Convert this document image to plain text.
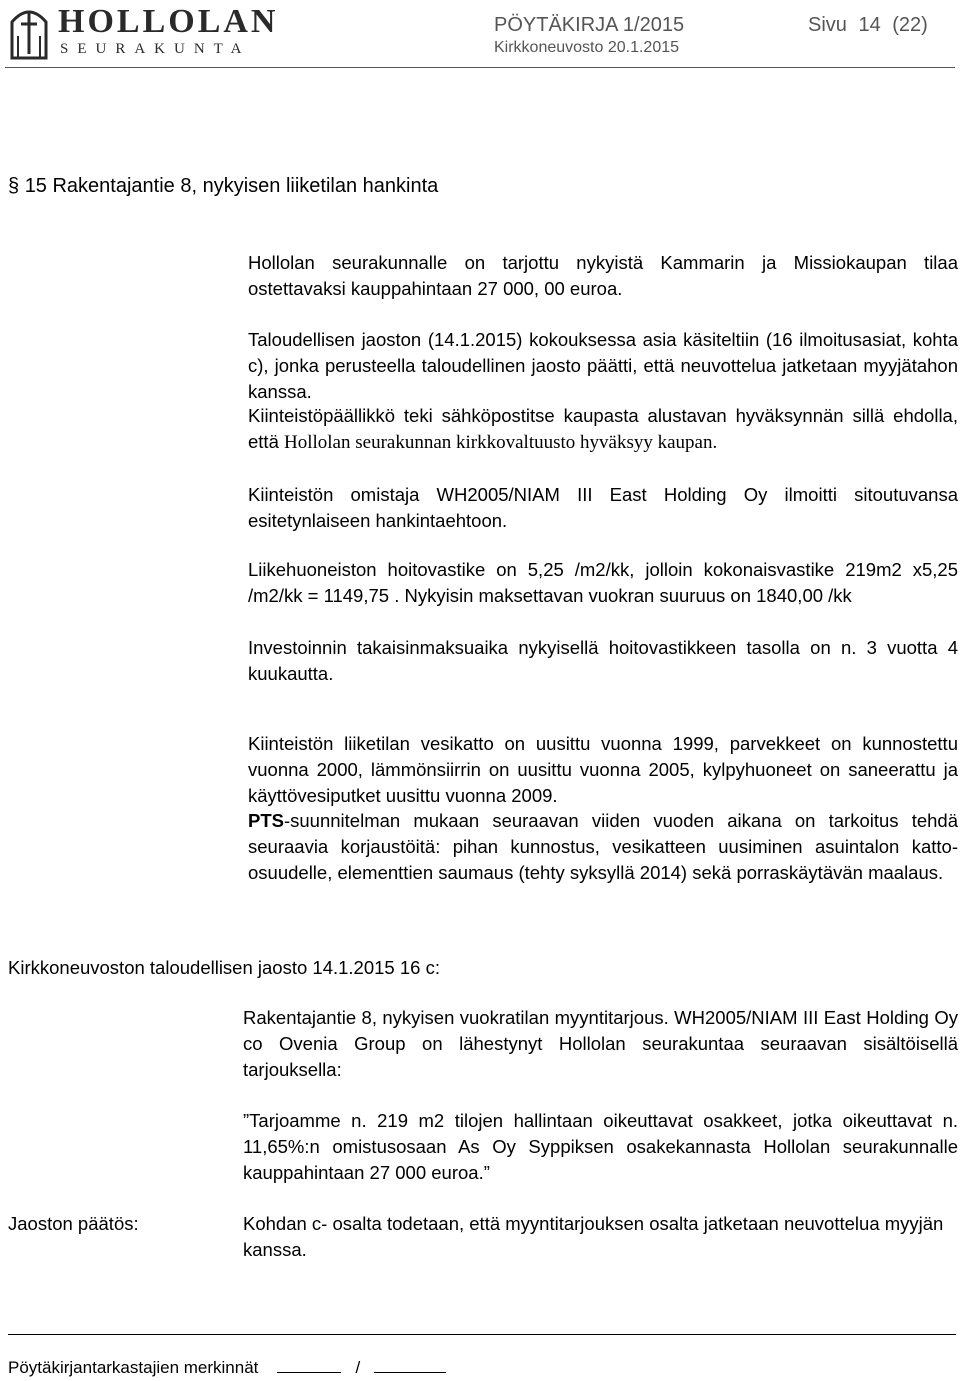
HOLLOLAN
SEURAKUNTA
PÖYTÄKIRJA 1/2015	Sivu 14 (22)
Kirkkoneuvosto 20.1.2015
§ 15 Rakentajantie 8, nykyisen liiketilan hankinta
Hollolan seurakunnalle on tarjottu nykyistä Kammarin ja Missiokaupan tilaa ostettavaksi kauppahintaan 27 000, 00 euroa.
Taloudellisen jaoston (14.1.2015) kokouksessa asia käsiteltiin (16 ilmoitusasiat, kohta c), jonka perusteella taloudellinen jaosto päätti, että neuvottelua jatketaan myyjätahon kanssa.
Kiinteistöpäällikkö teki sähköpostitse kaupasta alustavan hyväksynnän sillä ehdolla, että Hollolan seurakunnan kirkkovaltuusto hyväksyy kaupan.
Kiinteistön omistaja WH2005/NIAM III East Holding Oy ilmoitti sitoutuvansa esitetynlaiseen hankintaehtoon.
Liikehuoneiston hoitovastike on 5,25 /m2/kk, jolloin kokonaisvastike 219m2 x5,25 /m2/kk = 1149,75 . Nykyisin maksettavan vuokran suuruus on 1840,00 /kk
Investoinnin takaisinmaksuaika nykyisellä hoitovastikkeen tasolla on n. 3 vuotta 4 kuukautta.
Kiinteistön liiketilan vesikatto on uusittu vuonna 1999, parvekkeet on kunnostettu vuonna 2000, lämmönsiirrin on uusittu vuonna 2005, kylpyhuoneet on saneerattu ja käyttövesiputket uusittu vuonna 2009.
PTS-suunnitelman mukaan seuraavan viiden vuoden aikana on tarkoitus tehdä seuraavia korjaustöitä: pihan kunnostus, vesikatteen uusiminen asuintalon katto-osuudelle, elementtien saumaus (tehty syksyllä 2014) sekä porraskäytävän maalaus.
Kirkkoneuvoston taloudellisen jaosto 14.1.2015 16 c:
Rakentajantie 8, nykyisen vuokratilan myyntitarjous. WH2005/NIAM III East Holding Oy co Ovenia Group on lähestynyt Hollolan seurakuntaa seuraavan sisältöisellä tarjouksella:
”Tarjoamme n. 219 m2 tilojen hallintaan oikeuttavat osakkeet, jotka oikeuttavat n. 11,65%:n omistusosaan As Oy Syppiksen osakekannasta Hollolan seurakunnalle kauppahintaan 27 000 euroa.”
Jaoston päätös:	Kohdan c- osalta todetaan, että myyntitarjouksen osalta jatketaan neuvottelua myyjän kanssa.
Pöytäkirjantarkastajien merkinnät	/
